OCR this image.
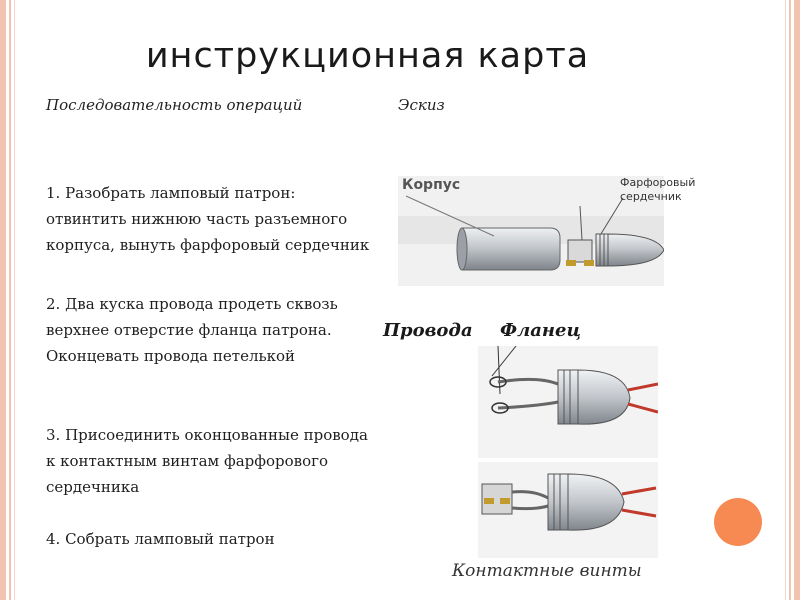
инструкционная карта
Последовательность операций	Эскиз
1. Разобрать ламповый патрон: отвинтить нижнюю часть разъемного корпуса, вынуть фарфоровый сердечник
2. Два куска провода продеть сквозь верхнее отверстие фланца патрона. Оконцевать провода петелькой
3. Присоединить оконцованные провода к контактным винтам фарфорового сердечника
4. Собрать ламповый патрон
Корпус	Фарфоровый сердечник
Провода Фланец
Контактные винты
